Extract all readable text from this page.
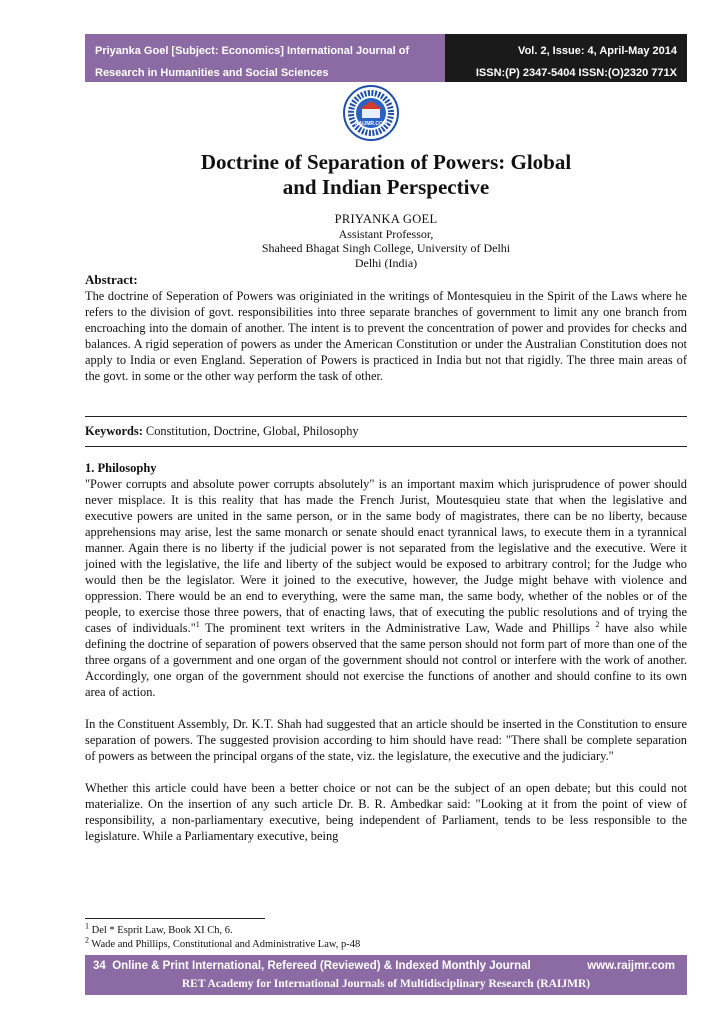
Priyanka Goel [Subject: Economics] International Journal of
Research in Humanities and Social Sciences
Vol. 2, Issue: 4, April-May 2014
ISSN:(P) 2347-5404 ISSN:(O)2320 771X
RAIJMR.COM
Doctrine of Separation of Powers: Global
and Indian Perspective
PRIYANKA GOEL
Assistant Professor,
Shaheed Bhagat Singh College, University of Delhi
Delhi (India)
Abstract:
The doctrine of Seperation of Powers was originiated in the writings of Montesquieu in the Spirit of the Laws where he refers to the division of govt. responsibilities into three separate branches of government to limit any one branch from encroaching into the domain of another. The intent is to prevent the concentration of power and provides for checks and balances. A rigid seperation of powers as under the American Constitution or under the Australian Constitution does not apply to India or even England. Seperation of Powers is practiced in India but not that rigidly. The three main areas of the govt. in some or the other way perform the task of other.
Keywords: Constitution, Doctrine, Global, Philosophy
1. Philosophy

"Power corrupts and absolute power corrupts absolutely" is an important maxim which jurisprudence of power should never misplace. It is this reality that has made the French Jurist, Moutesquieu state that when the legislative and executive powers are united in the same person, or in the same body of magistrates, there can be no liberty, because apprehensions may arise, lest the same monarch or senate should enact tyrannical laws, to execute them in a tyrannical manner. Again there is no liberty if the judicial power is not separated from the legislative and the executive. Were it joined with the legislative, the life and liberty of the subject would be exposed to arbitrary control; for the Judge who would then be the legislator. Were it joined to the executive, however, the Judge might behave with violence and oppression. There would be an end to everything, were the same man, the same body, whether of the nobles or of the people, to exercise those three powers, that of enacting laws, that of executing the public resolutions and of trying the cases of individuals."$^1$ The prominent text writers in the Administrative Law, Wade and Phillips $^2$ have also while defining the doctrine of separation of powers observed that the same person should not form part of more than one of the three organs of a government and one organ of the government should not control or interfere with the work of another. Accordingly, one organ of the government should not exercise the functions of another and should confine to its own area of action.

In the Constituent Assembly, Dr. K.T. Shah had suggested that an article should be inserted in the Constitution to ensure separation of powers. The suggested provision according to him should have read: "There shall be complete separation of powers as between the principal organs of the state, viz. the legislature, the executive and the judiciary."

Whether this article could have been a better choice or not can be the subject of an open debate; but this could not materialize. On the insertion of any such article Dr. B. R. Ambedkar said: "Looking at it from the point of view of responsibility, a non-parliamentary executive, being independent of Parliament, tends to be less responsible to the legislature. While a Parliamentary executive, being

$^1$ Del * Esprit Law, Book XI Ch, 6.
$^2$ Wade and Phillips, Constitutional and Administrative Law, p-48
34 Online & Print International, Refereed (Reviewed) & Indexed Monthly Journal	www.raijmr.com
RET Academy for International Journals of Multidisciplinary Research (RAIJMR)
